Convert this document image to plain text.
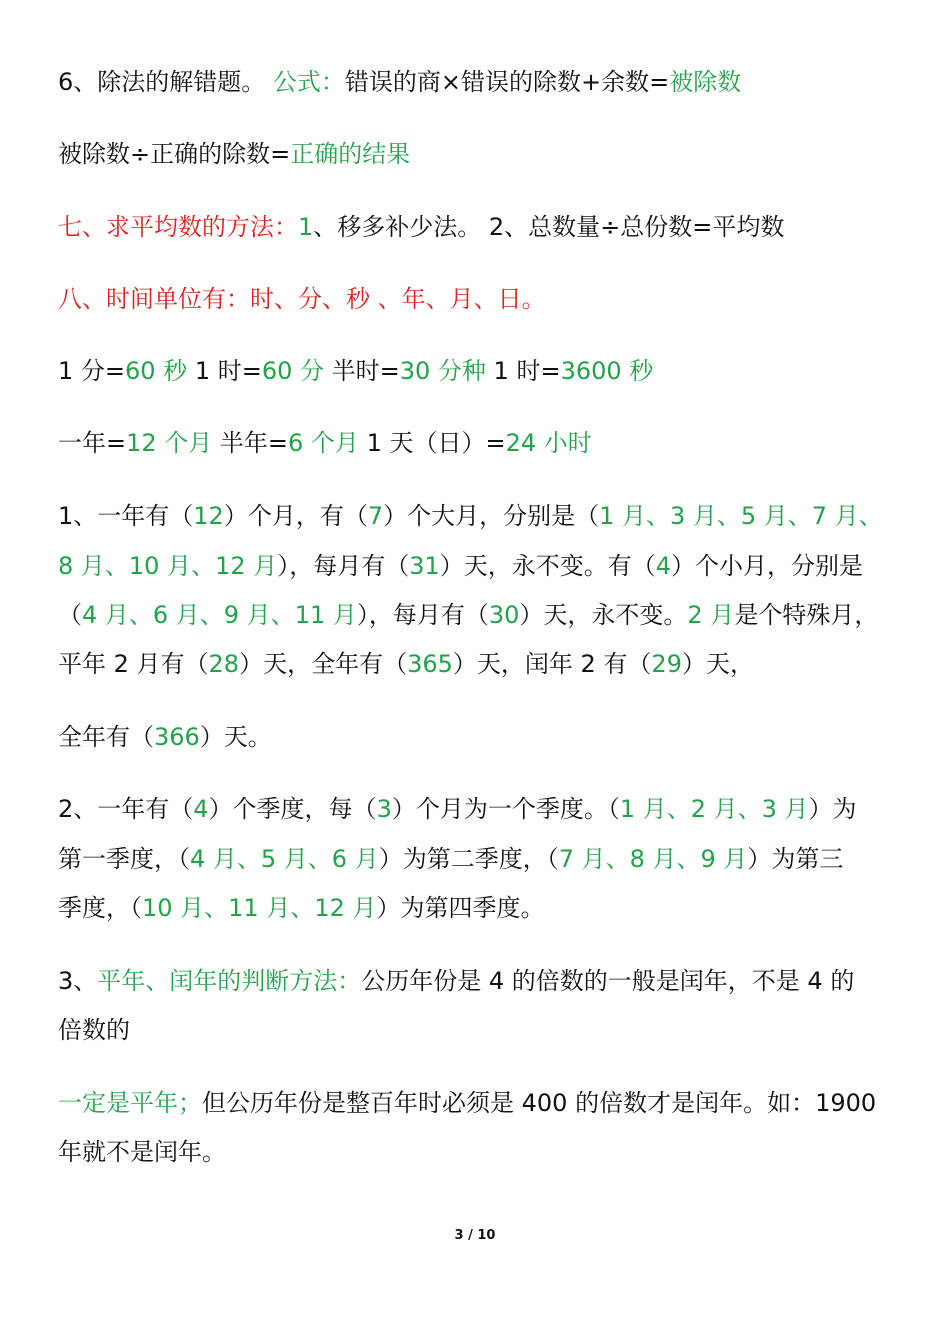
6、除法的解错题。 公式：错误的商×错误的除数+余数=被除数
被除数÷正确的除数=正确的结果
七、求平均数的方法：1、移多补少法。 2、总数量÷总份数=平均数
八、时间单位有：时、分、秒 、年、月、日。
1 分=60 秒 1 时=60 分 半时=30 分种 1 时=3600 秒
一年=12 个月 半年=6 个月 1 天（日）=24 小时
1、一年有（12）个月，有（7）个大月，分别是（1 月、3 月、5 月、7 月、
8 月、10 月、12 月），每月有（31）天，永不变。有（4）个小月，分别是
（4 月、6 月、9 月、11 月），每月有（30）天，永不变。2 月是个特殊月，
平年 2 月有（28）天，全年有（365）天，闰年 2 有（29）天，
全年有（366）天。
2、一年有（4）个季度，每（3）个月为一个季度。（1 月、2 月、3 月）为
第一季度，（4 月、5 月、6 月）为第二季度，（7 月、8 月、9 月）为第三
季度，（10 月、11 月、12 月）为第四季度。
3、平年、闰年的判断方法：公历年份是 4 的倍数的一般是闰年，不是 4 的
倍数的
一定是平年；但公历年份是整百年时必须是 400 的倍数才是闰年。如：1900
年就不是闰年。
3 / 10
